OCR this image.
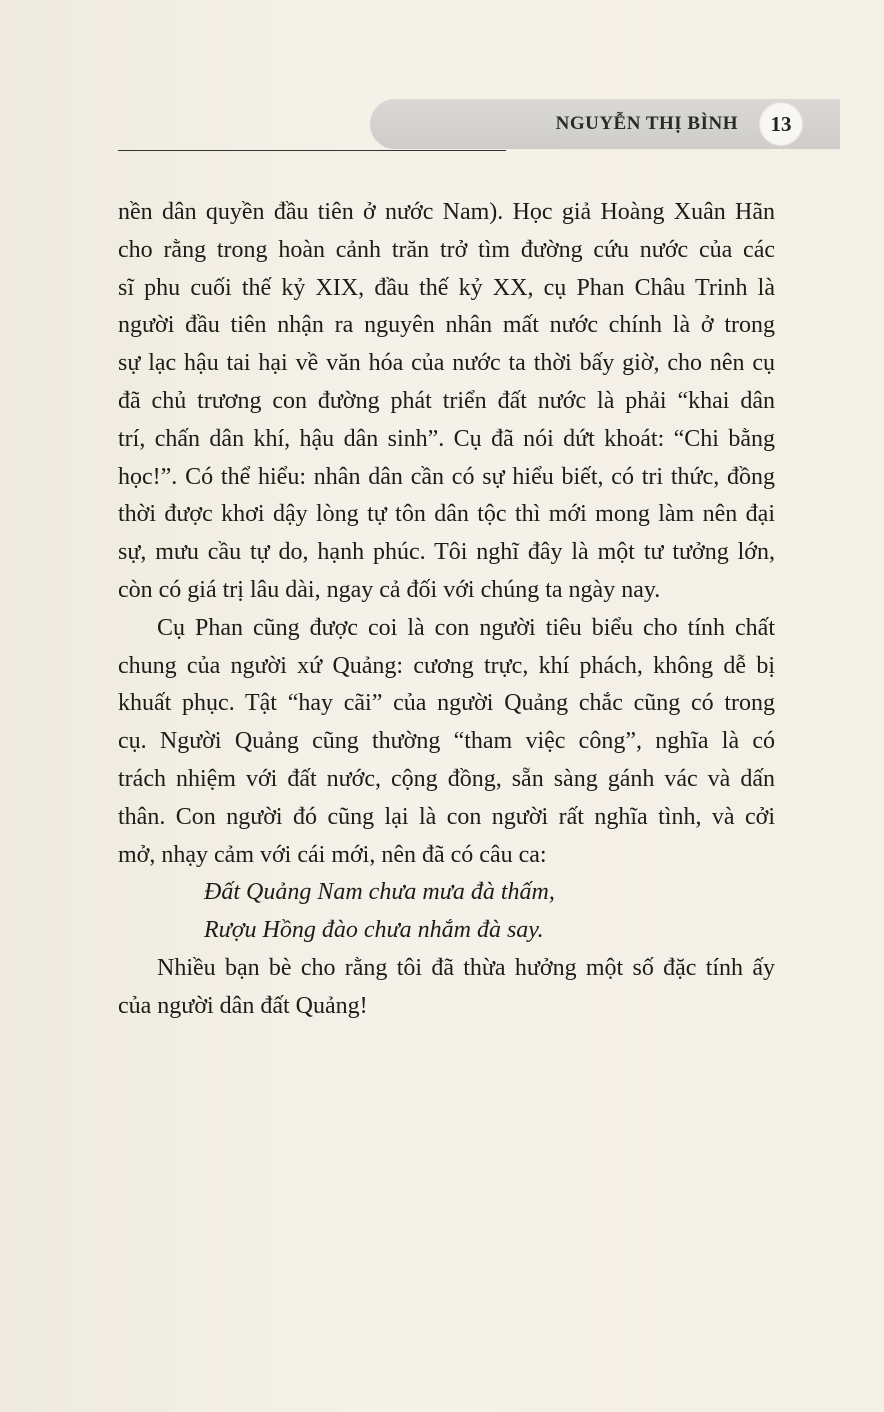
NGUYỄN THỊ BÌNH	13

nền dân quyền đầu tiên ở nước Nam). Học giả Hoàng Xuân Hãn
cho rằng trong hoàn cảnh trăn trở tìm đường cứu nước của các
sĩ phu cuối thế kỷ XIX, đầu thế kỷ XX, cụ Phan Châu Trinh là
người đầu tiên nhận ra nguyên nhân mất nước chính là ở trong
sự lạc hậu tai hại về văn hóa của nước ta thời bấy giờ, cho nên cụ
đã chủ trương con đường phát triển đất nước là phải “khai dân
trí, chấn dân khí, hậu dân sinh”. Cụ đã nói dứt khoát: “Chi bằng
học!”. Có thể hiểu: nhân dân cần có sự hiểu biết, có tri thức, đồng
thời được khơi dậy lòng tự tôn dân tộc thì mới mong làm nên đại
sự, mưu cầu tự do, hạnh phúc. Tôi nghĩ đây là một tư tưởng lớn,
còn có giá trị lâu dài, ngay cả đối với chúng ta ngày nay.

Cụ Phan cũng được coi là con người tiêu biểu cho tính chất
chung của người xứ Quảng: cương trực, khí phách, không dễ bị
khuất phục. Tật “hay cãi” của người Quảng chắc cũng có trong
cụ. Người Quảng cũng thường “tham việc công”, nghĩa là có
trách nhiệm với đất nước, cộng đồng, sẵn sàng gánh vác và dấn
thân. Con người đó cũng lại là con người rất nghĩa tình, và cởi
mở, nhạy cảm với cái mới, nên đã có câu ca:

Đất Quảng Nam chưa mưa đà thấm,
Rượu Hồng đào chưa nhắm đà say.

Nhiều bạn bè cho rằng tôi đã thừa hưởng một số đặc tính ấy
của người dân đất Quảng!
